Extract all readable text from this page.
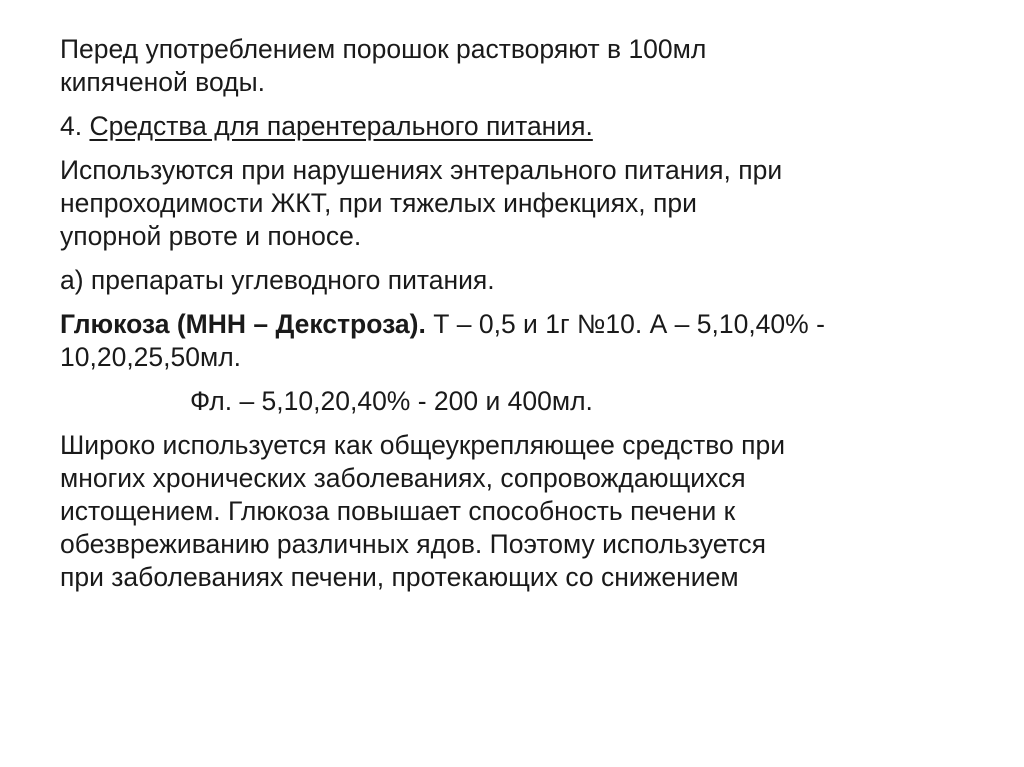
Перед употреблением порошок растворяют в 100мл
кипяченой воды.

4. Средства для парентерального питания.

Используются при нарушениях энтерального питания, при
непроходимости ЖКТ, при тяжелых инфекциях, при
упорной рвоте и поносе.

а) препараты углеводного питания.

Глюкоза (МНН – Декстроза). Т – 0,5 и 1г №10. А – 5,10,40% -
10,20,25,50мл.

Фл. – 5,10,20,40% - 200 и 400мл.

Широко используется как общеукрепляющее средство при
многих хронических заболеваниях, сопровождающихся
истощением. Глюкоза повышает способность печени к
обезвреживанию различных ядов. Поэтому используется
при заболеваниях печени, протекающих со снижением
